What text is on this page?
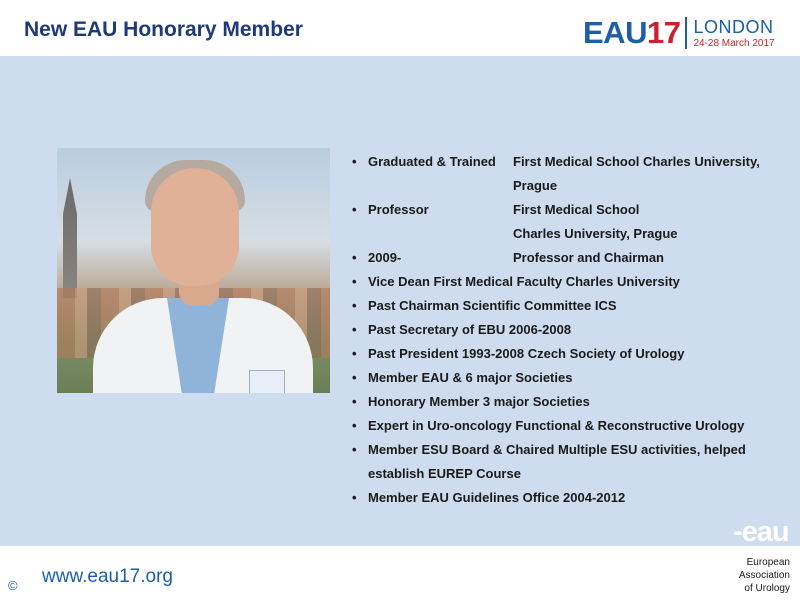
New EAU Honorary Member	EAU 17 LONDON
24-28 March 2017
• Graduated & Trained	First Medical School Charles University,
Prague
• Professor	First Medical School
Charles University, Prague
• 2009-	Professor and Chairman
• Vice Dean First Medical Faculty Charles University
• Past Chairman Scientific Committee ICS
• Past Secretary of EBU 2006-2008
• Past President 1993-2008 Czech Society of Urology
• Member EAU & 6 major Societies
• Honorary Member 3 major Societies
• Expert in Uro-oncology Functional & Reconstructive Urology
• Member ESU Board & Chaired Multiple ESU activities, helped
establish EUREP Course
• Member EAU Guidelines Office 2004-2012
© www.eau17.org
-eau
European
Association
of Urology
